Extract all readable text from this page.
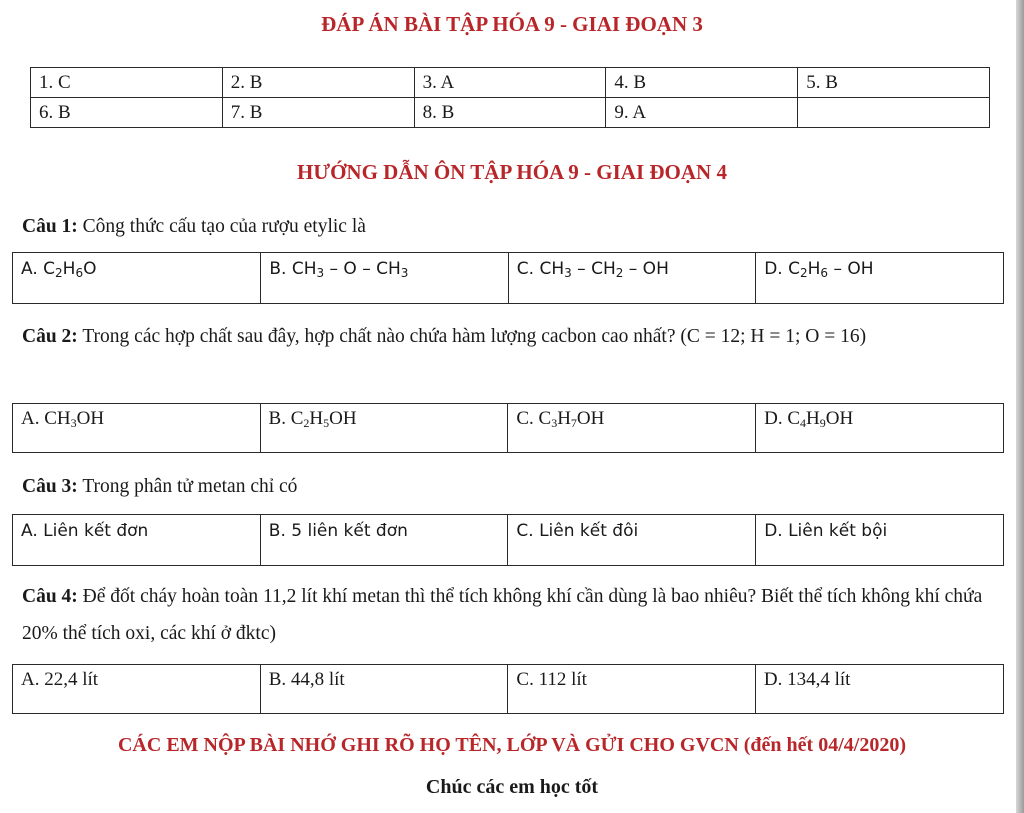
ĐÁP ÁN BÀI TẬP HÓA 9 - GIAI ĐOẠN 3
1. C	2. B	3. A	4. B	5. B
6. B	7. B	8. B	9. A	
HƯỚNG DẪN ÔN TẬP HÓA 9 - GIAI ĐOẠN 4
Câu 1: Công thức cấu tạo của rượu etylic là
A. $C_2H_6O$	B. $CH_3$ – O – $CH_3$	C. $CH_3 - CH_2$ – OH	D. $C_2H_6$ – OH
Câu 2: Trong các hợp chất sau đây, hợp chất nào chứa hàm lượng cacbon cao nhất? (C = 12; H = 1; O = 16)
A. $CH_3OH$	B. $C_2H_5OH$	C. $C_3H_7OH$	D. $C_4H_9OH$
Câu 3: Trong phân tử metan chỉ có
A. Liên kết đơn	B. 5 liên kết đơn	C. Liên kết đôi	D. Liên kết bội
Câu 4: Để đốt cháy hoàn toàn 11,2 lít khí metan thì thể tích không khí cần dùng là bao nhiêu? Biết thể tích không khí chứa 20% thể tích oxi, các khí ở đktc)
A. 22,4 lít	B. 44,8 lít	C. 112 lít	D. 134,4 lít
CÁC EM NỘP BÀI NHỚ GHI RÕ HỌ TÊN, LỚP VÀ GỬI CHO GVCN (đến hết 04/4/2020)
Chúc các em học tốt
